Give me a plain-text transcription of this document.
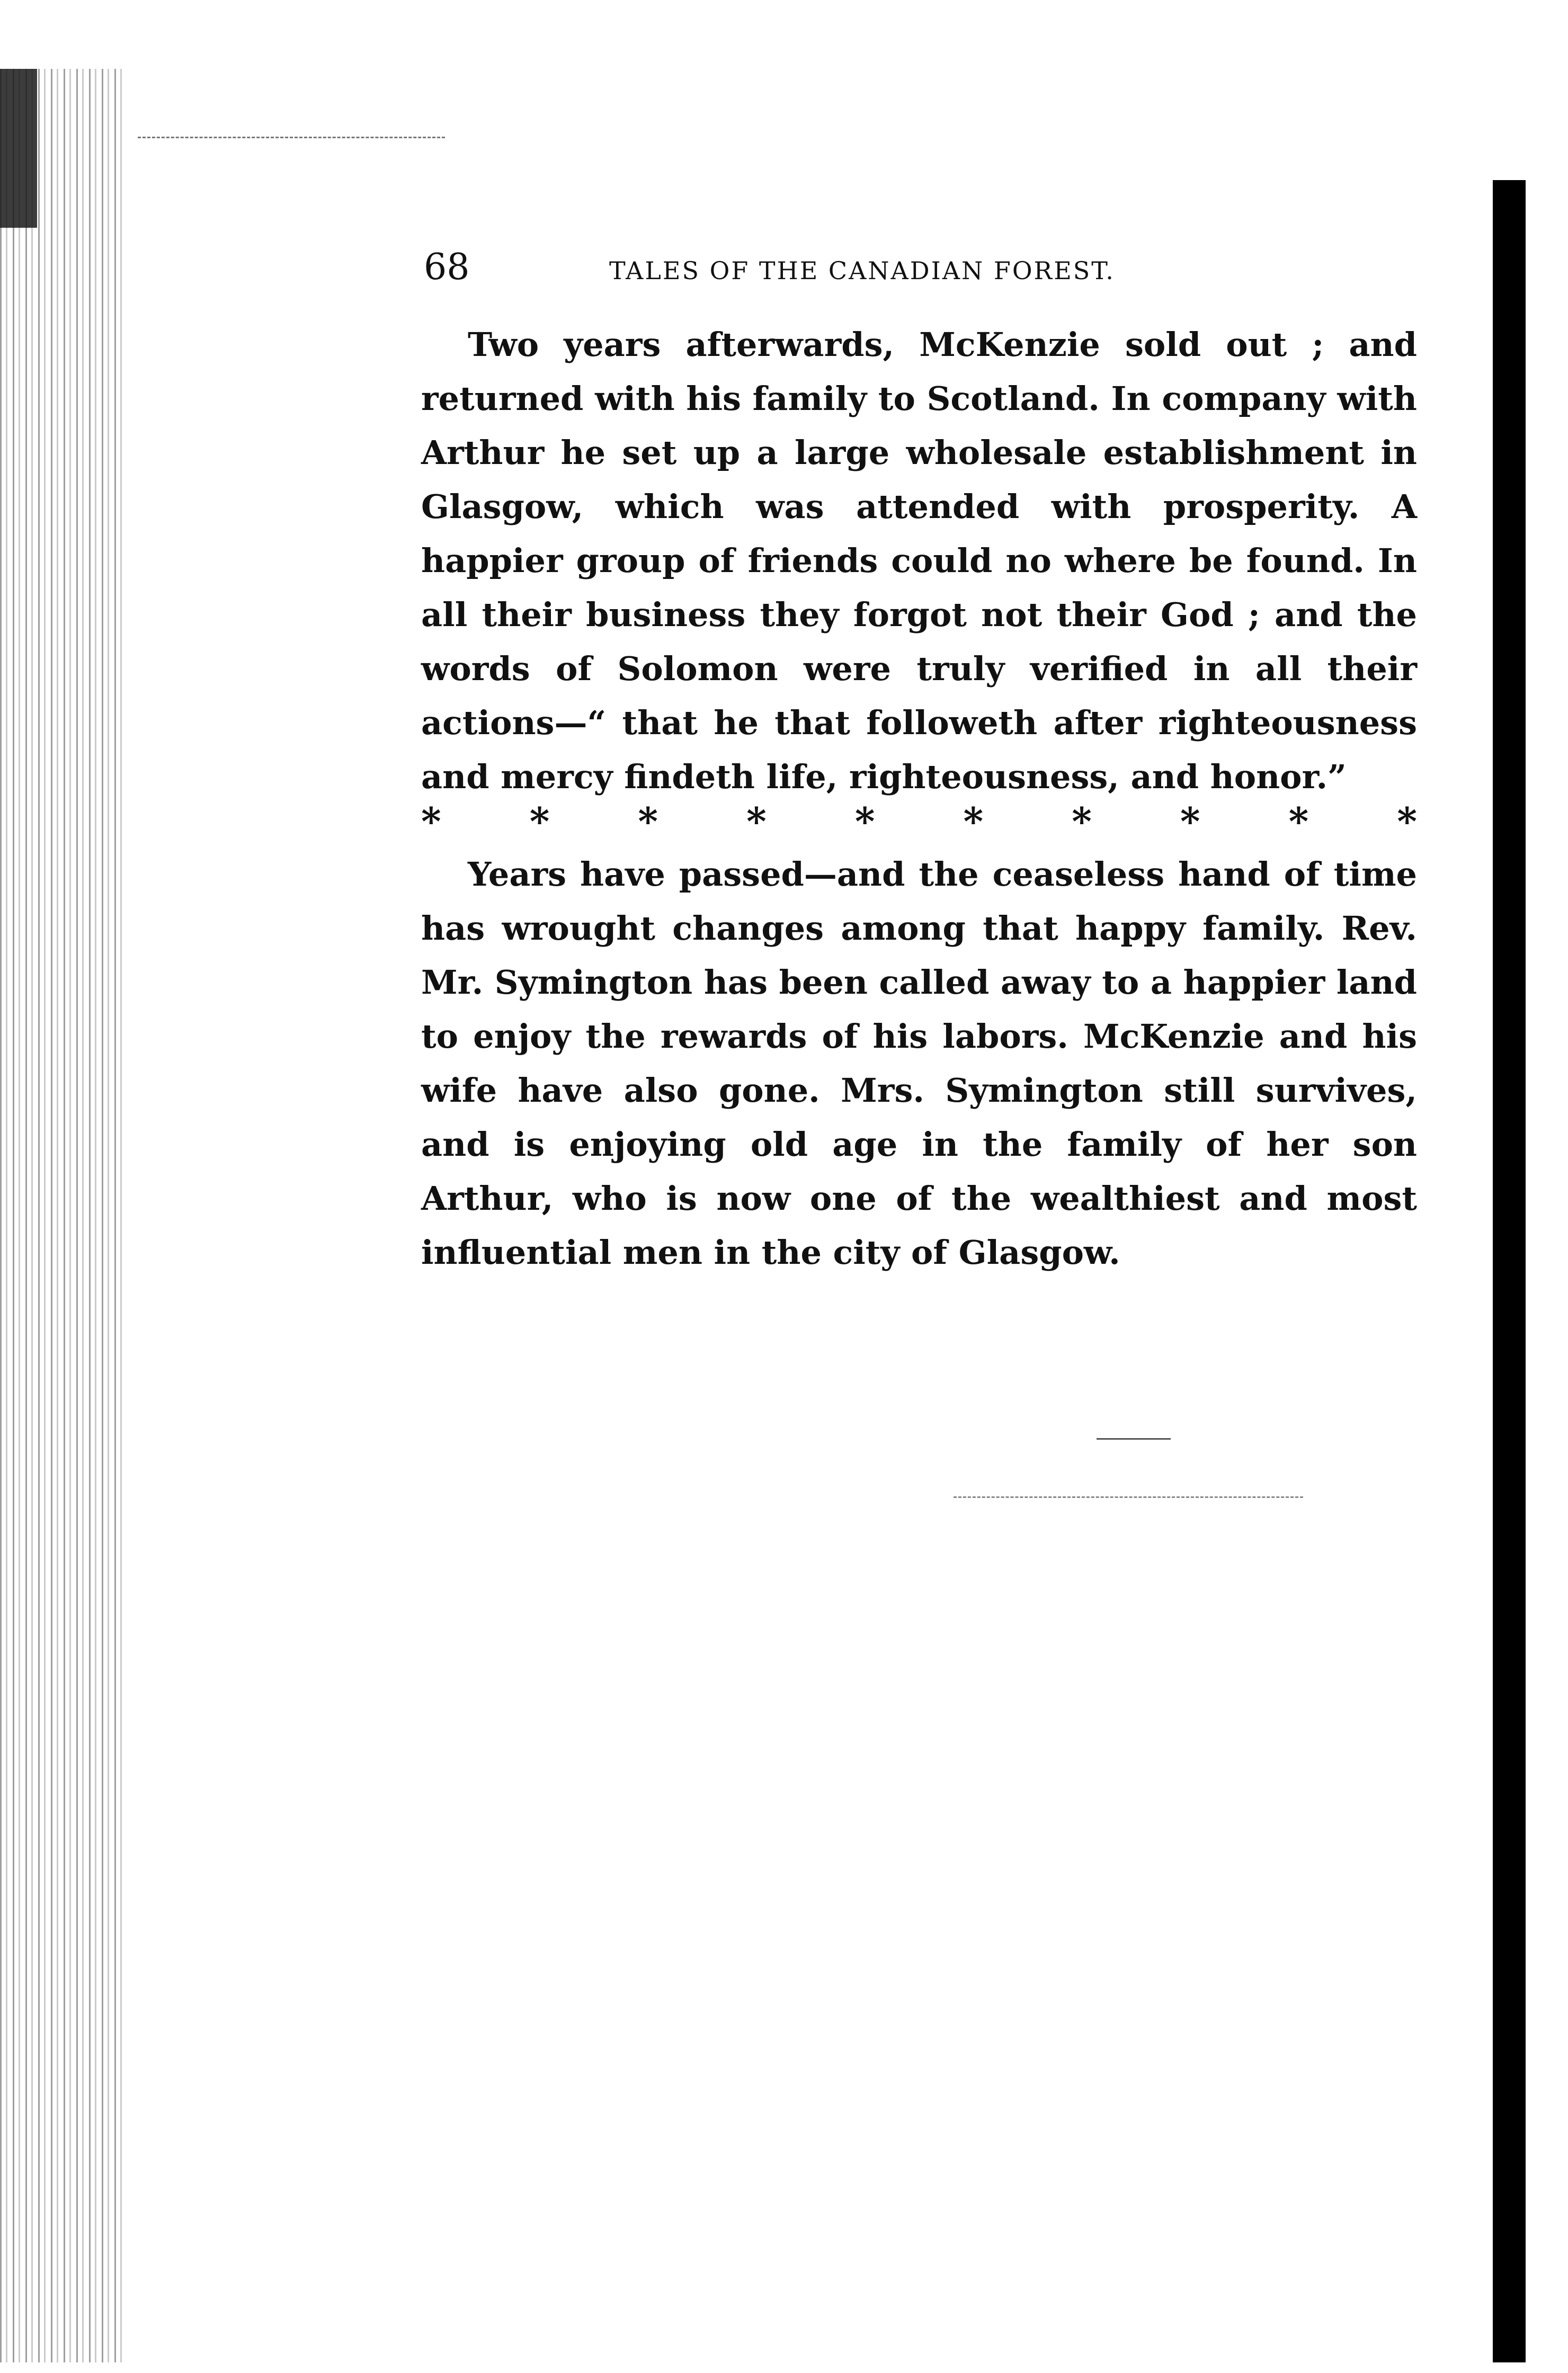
68	TALES OF THE CANADIAN FOREST.

Two years afterwards, McKenzie sold out ; and returned with his family to Scotland. In company with Arthur he set up a large wholesale establishment in Glasgow, which was attended with prosperity. A happier group of friends could no where be found. In all their business they forgot not their God ; and the words of Solomon were truly verified in all their actions—“ that he that followeth after righteousness and mercy findeth life, righteousness, and honor.”

* * * * * * * * * *

Years have passed—and the ceaseless hand of time has wrought changes among that happy family. Rev. Mr. Symington has been called away to a happier land to enjoy the rewards of his labors. McKenzie and his wife have also gone. Mrs. Symington still survives, and is enjoying old age in the family of her son Arthur, who is now one of the wealthiest and most influential men in the city of Glasgow.
